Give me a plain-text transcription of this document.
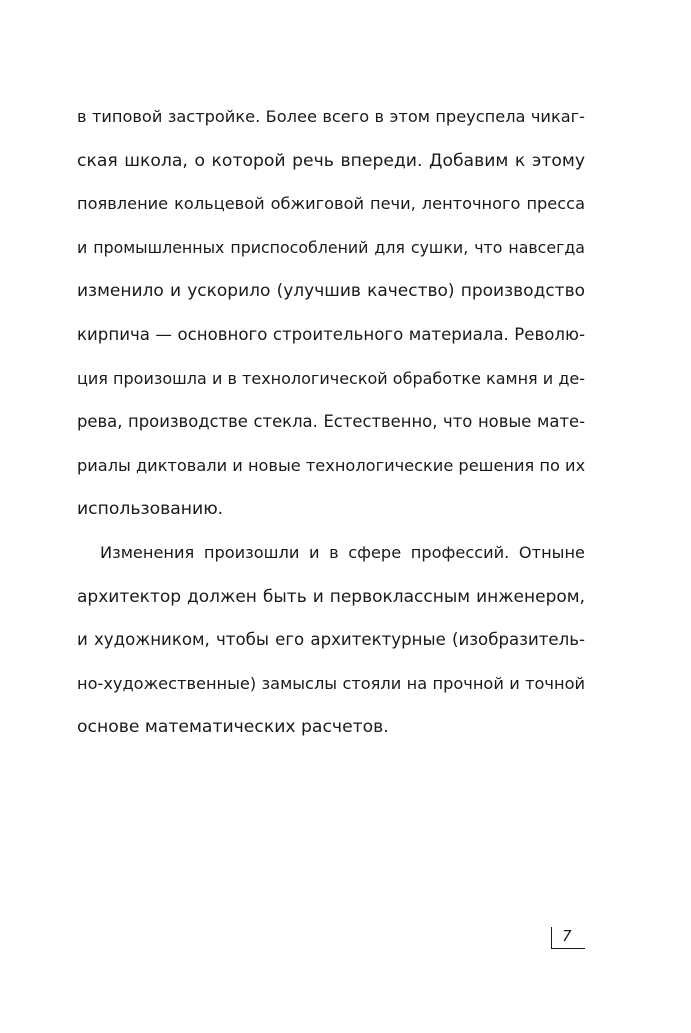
в типовой застройке. Более всего в этом преуспела чикаг-
ская школа, о которой речь впереди. Добавим к этому
появление кольцевой обжиговой печи, ленточного пресса
и промышленных приспособлений для сушки, что навсегда
изменило и ускорило (улучшив качество) производство
кирпича — основного строительного материала. Револю-
ция произошла и в технологической обработке камня и де-
рева, производстве стекла. Естественно, что новые мате-
риалы диктовали и новые технологические решения по их
использованию.
Изменения произошли и в сфере профессий. Отныне
архитектор должен быть и первоклассным инженером,
и художником, чтобы его архитектурные (изобразитель-
но-художественные) замыслы стояли на прочной и точной
основе математических расчетов.
7
